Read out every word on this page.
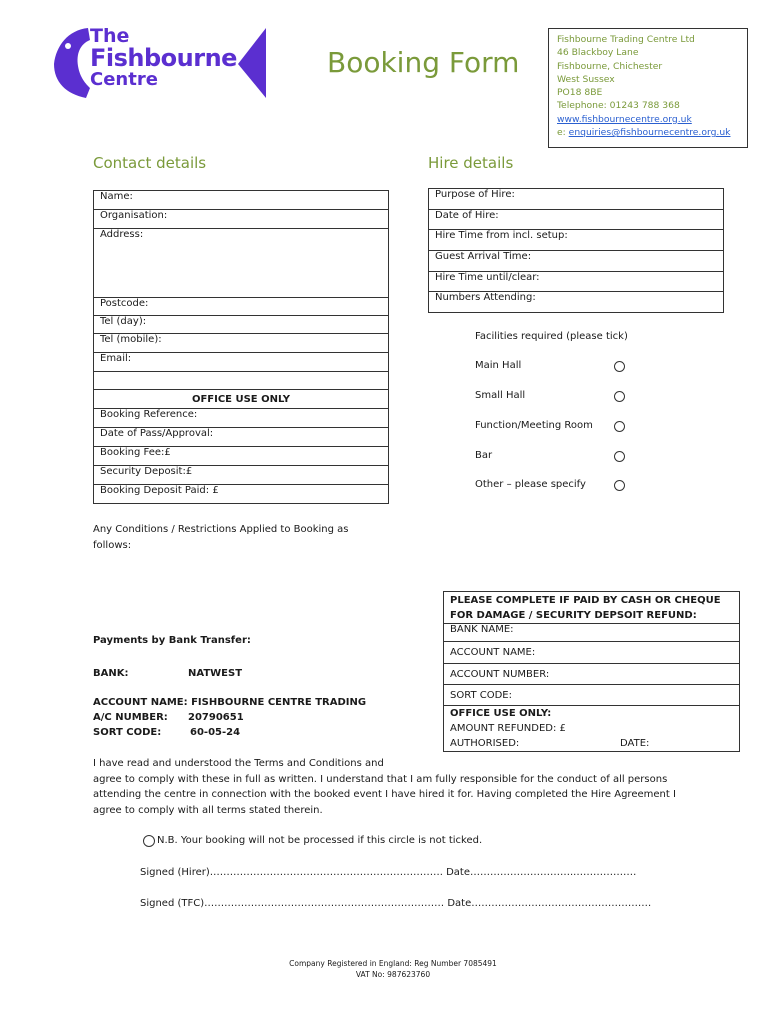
The
Fishbourne
Centre
Booking Form
Fishbourne Trading Centre Ltd
46 Blackboy Lane
Fishbourne, Chichester
West Sussex
PO18 8BE
Telephone: 01243 788 368
www.fishbournecentre.org.uk
e: enquiries@fishbournecentre.org.uk
Contact details	Hire details
Name:
Organisation:
Address:
Postcode:
Tel (day):
Tel (mobile):
Email:

OFFICE USE ONLY
Booking Reference:
Date of Pass/Approval:
Booking Fee:£
Security Deposit:£
Booking Deposit Paid: £
Purpose of Hire:
Date of Hire:
Hire Time from incl. setup:
Guest Arrival Time:
Hire Time until/clear:
Numbers Attending:
Facilities required (please tick)
Main Hall
Small Hall
Function/Meeting Room
Bar
Other – please specify
Any Conditions / Restrictions Applied to Booking as
follows:
Payments by Bank Transfer:
BANK:	NATWEST
ACCOUNT NAME: FISHBOURNE CENTRE TRADING
A/C NUMBER: 20790651
SORT CODE:	60-05-24
PLEASE COMPLETE IF PAID BY CASH OR CHEQUE
FOR DAMAGE / SECURITY DEPSOIT REFUND:

BANK NAME:
ACCOUNT NAME:
ACCOUNT NUMBER:
SORT CODE:

OFFICE USE ONLY:
AMOUNT REFUNDED: £
AUTHORISED:	DATE:
I have read and understood the Terms and Conditions and
agree to comply with these in full as written. I understand that I am fully responsible for the conduct of all persons
attending the centre in connection with the booked event I have hired it for. Having completed the Hire Agreement I
agree to comply with all terms stated therein.
N.B. Your booking will not be processed if this circle is not ticked.
Signed (Hirer)……………………………………………………………. Date…………………………..………………
Signed (TFC)……………………………………………………………… Date………………………………………………
Company Registered in England: Reg Number 7085491
VAT No: 987623760
